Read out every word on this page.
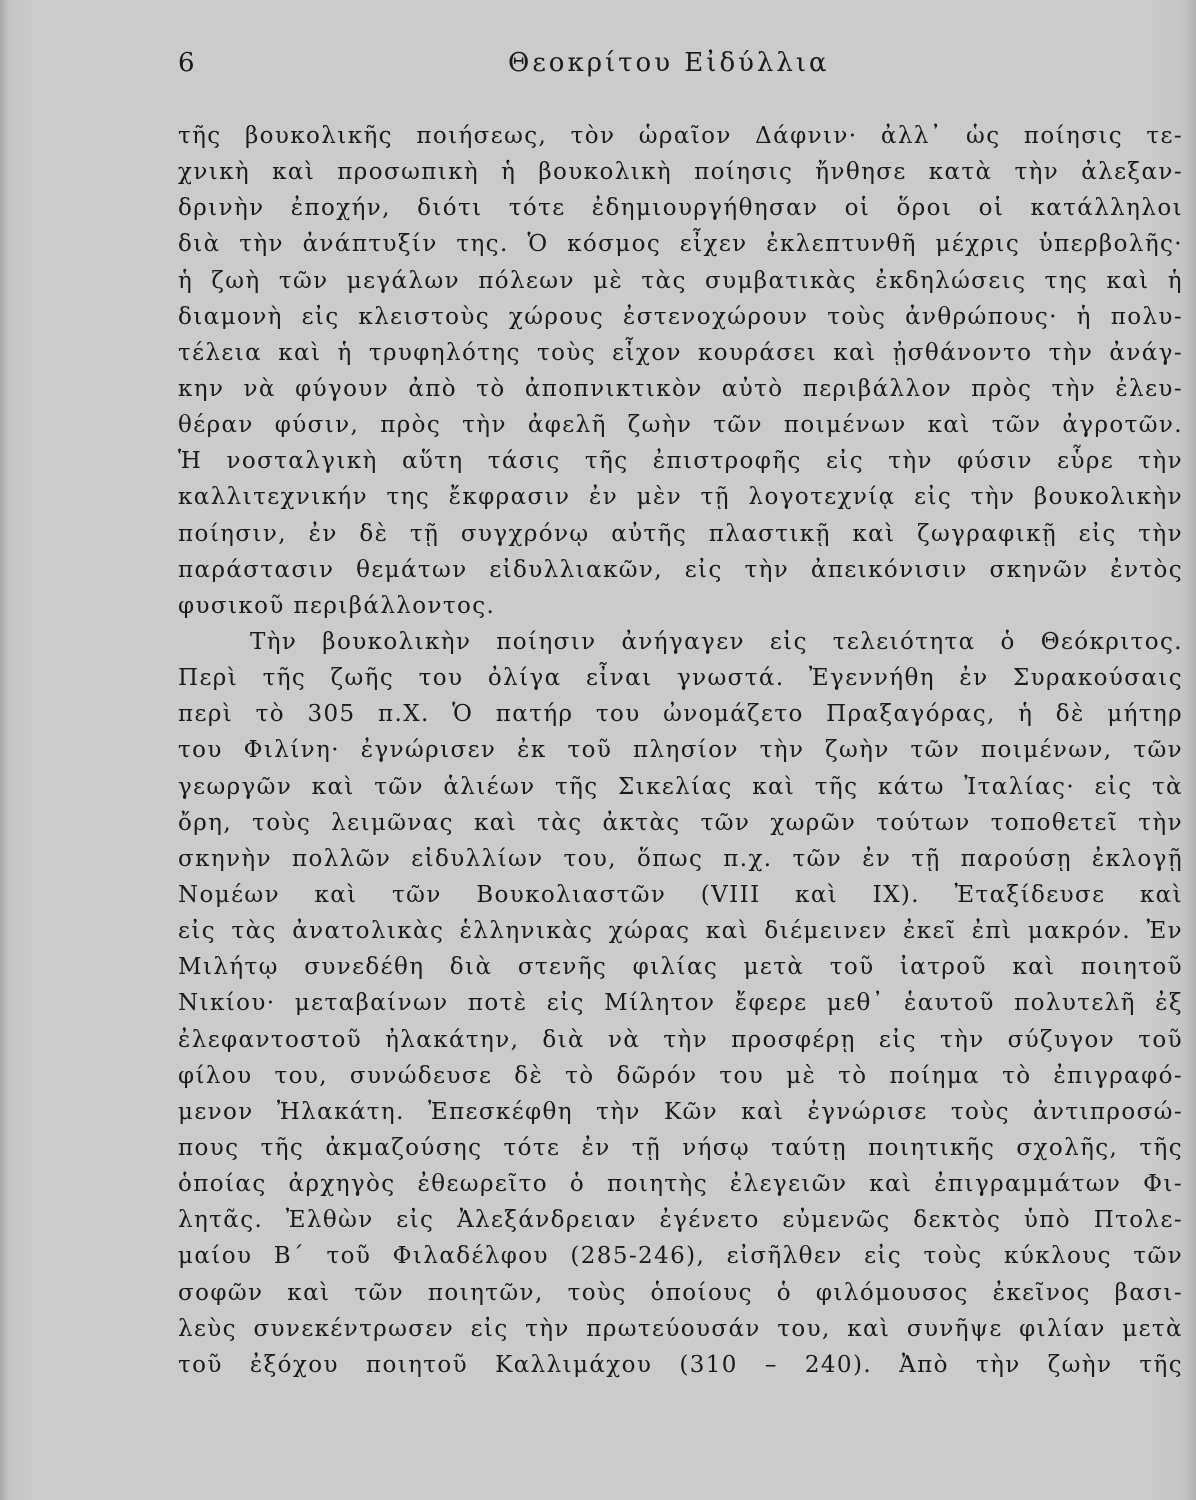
6	Θεοκρίτου Εἰδύλλια
τῆς βουκολικῆς ποιήσεως, τὸν ὡραῖον Δάφνιν· ἀλλ᾿ ὡς ποίησις τε-
χνικὴ καὶ προσωπικὴ ἡ βουκολικὴ ποίησις ἤνθησε κατὰ τὴν ἀλεξαν-
δρινὴν ἐποχήν, διότι τότε ἐδημιουργήθησαν οἱ ὅροι οἱ κατάλληλοι
διὰ τὴν ἀνάπτυξίν της. Ὁ κόσμος εἶχεν ἐκλεπτυνθῆ μέχρις ὑπερβολῆς·
ἡ ζωὴ τῶν μεγάλων πόλεων μὲ τὰς συμβατικὰς ἐκδηλώσεις της καὶ ἡ
διαμονὴ εἰς κλειστοὺς χώρους ἐστενοχώρουν τοὺς ἀνθρώπους· ἡ πολυ-
τέλεια καὶ ἡ τρυφηλότης τοὺς εἶχον κουράσει καὶ ᾐσθάνοντο τὴν ἀνάγ-
κην νὰ φύγουν ἀπὸ τὸ ἀποπνικτικὸν αὐτὸ περιβάλλον πρὸς τὴν ἐλευ-
θέραν φύσιν, πρὸς τὴν ἀφελῆ ζωὴν τῶν ποιμένων καὶ τῶν ἀγροτῶν.
Ἡ νοσταλγικὴ αὕτη τάσις τῆς ἐπιστροφῆς εἰς τὴν φύσιν εὗρε τὴν
καλλιτεχνικήν της ἔκφρασιν ἐν μὲν τῇ λογοτεχνίᾳ εἰς τὴν βουκολικὴν
ποίησιν, ἐν δὲ τῇ συγχρόνῳ αὐτῆς πλαστικῇ καὶ ζωγραφικῇ εἰς τὴν
παράστασιν θεμάτων εἰδυλλιακῶν, εἰς τὴν ἀπεικόνισιν σκηνῶν ἐντὸς
φυσικοῦ περιβάλλοντος.
Τὴν βουκολικὴν ποίησιν ἀνήγαγεν εἰς τελειότητα ὁ Θεόκριτος.
Περὶ τῆς ζωῆς του ὀλίγα εἶναι γνωστά. Ἐγεννήθη ἐν Συρακούσαις
περὶ τὸ 305 π.Χ. Ὁ πατήρ του ὠνομάζετο Πραξαγόρας, ἡ δὲ μήτηρ
του Φιλίνη· ἐγνώρισεν ἐκ τοῦ πλησίον τὴν ζωὴν τῶν ποιμένων, τῶν
γεωργῶν καὶ τῶν ἁλιέων τῆς Σικελίας καὶ τῆς κάτω Ἰταλίας· εἰς τὰ
ὄρη, τοὺς λειμῶνας καὶ τὰς ἀκτὰς τῶν χωρῶν τούτων τοποθετεῖ τὴν
σκηνὴν πολλῶν εἰδυλλίων του, ὅπως π.χ. τῶν ἐν τῇ παρούσῃ ἐκλογῇ
Νομέων καὶ τῶν Βουκολιαστῶν (VIII καὶ IX). Ἐταξίδευσε καὶ
εἰς τὰς ἀνατολικὰς ἑλληνικὰς χώρας καὶ διέμεινεν ἐκεῖ ἐπὶ μακρόν. Ἐν
Μιλήτῳ συνεδέθη διὰ στενῆς φιλίας μετὰ τοῦ ἰατροῦ καὶ ποιητοῦ
Νικίου· μεταβαίνων ποτὲ εἰς Μίλητον ἔφερε μεθ᾿ ἑαυτοῦ πολυτελῆ ἐξ
ἐλεφαντοστοῦ ἠλακάτην, διὰ νὰ τὴν προσφέρῃ εἰς τὴν σύζυγον τοῦ
φίλου του, συνώδευσε δὲ τὸ δῶρόν του μὲ τὸ ποίημα τὸ ἐπιγραφό-
μενον Ἠλακάτη. Ἐπεσκέφθη τὴν Κῶν καὶ ἐγνώρισε τοὺς ἀντιπροσώ-
πους τῆς ἀκμαζούσης τότε ἐν τῇ νήσῳ ταύτῃ ποιητικῆς σχολῆς, τῆς
ὁποίας ἀρχηγὸς ἐθεωρεῖτο ὁ ποιητὴς ἐλεγειῶν καὶ ἐπιγραμμάτων Φι-
λητᾶς. Ἐλθὼν εἰς Ἀλεξάνδρειαν ἐγένετο εὐμενῶς δεκτὸς ὑπὸ Πτολε-
μαίου Β΄ τοῦ Φιλαδέλφου (285-246), εἰσῆλθεν εἰς τοὺς κύκλους τῶν
σοφῶν καὶ τῶν ποιητῶν, τοὺς ὁποίους ὁ φιλόμουσος ἐκεῖνος βασι-
λεὺς συνεκέντρωσεν εἰς τὴν πρωτεύουσάν του, καὶ συνῆψε φιλίαν μετὰ
τοῦ ἐξόχου ποιητοῦ Καλλιμάχου (310 – 240). Ἀπὸ τὴν ζωὴν τῆς
